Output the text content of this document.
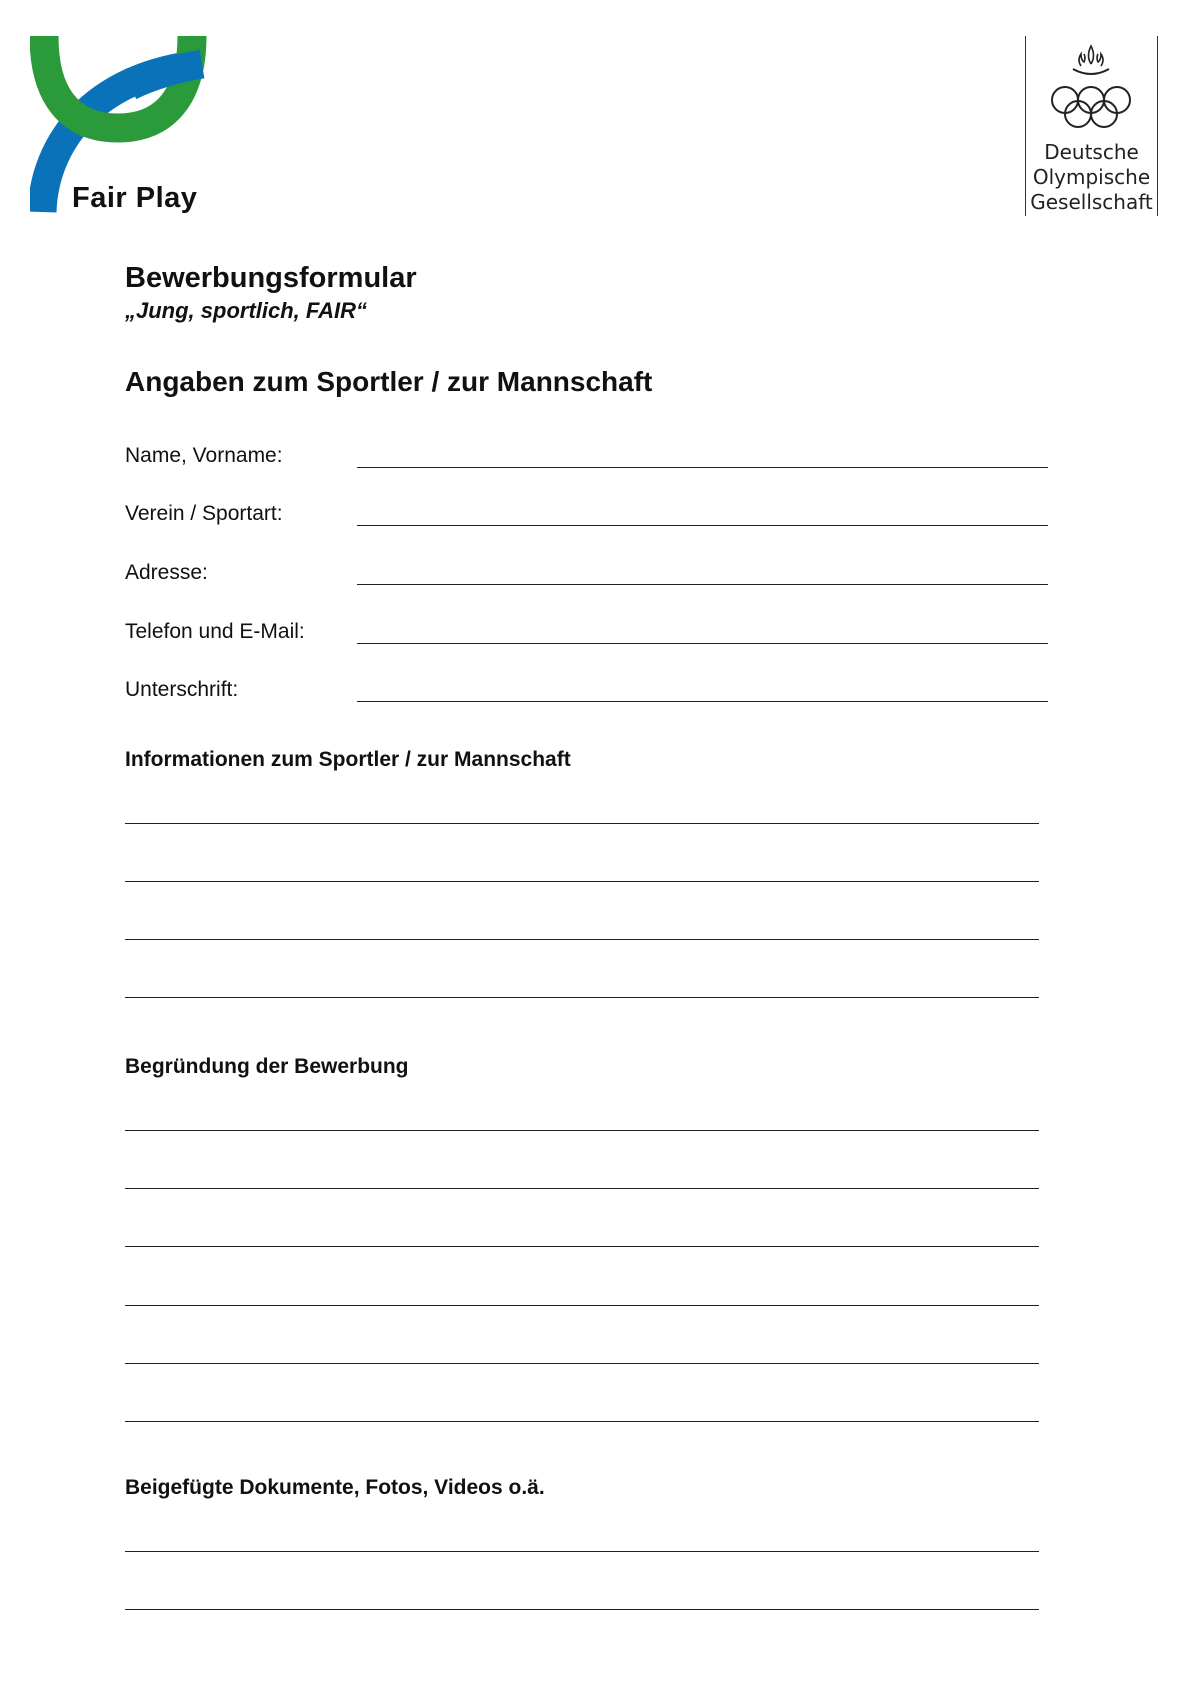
Fair Play
Deutsche
Olympische
Gesellschaft
Bewerbungsformular
„Jung, sportlich, FAIR“
Angaben zum Sportler / zur Mannschaft
Name, Vorname:
Verein / Sportart:
Adresse:
Telefon und E-Mail:
Unterschrift:
Informationen zum Sportler / zur Mannschaft
Begründung der Bewerbung
Beigefügte Dokumente, Fotos, Videos o.ä.
